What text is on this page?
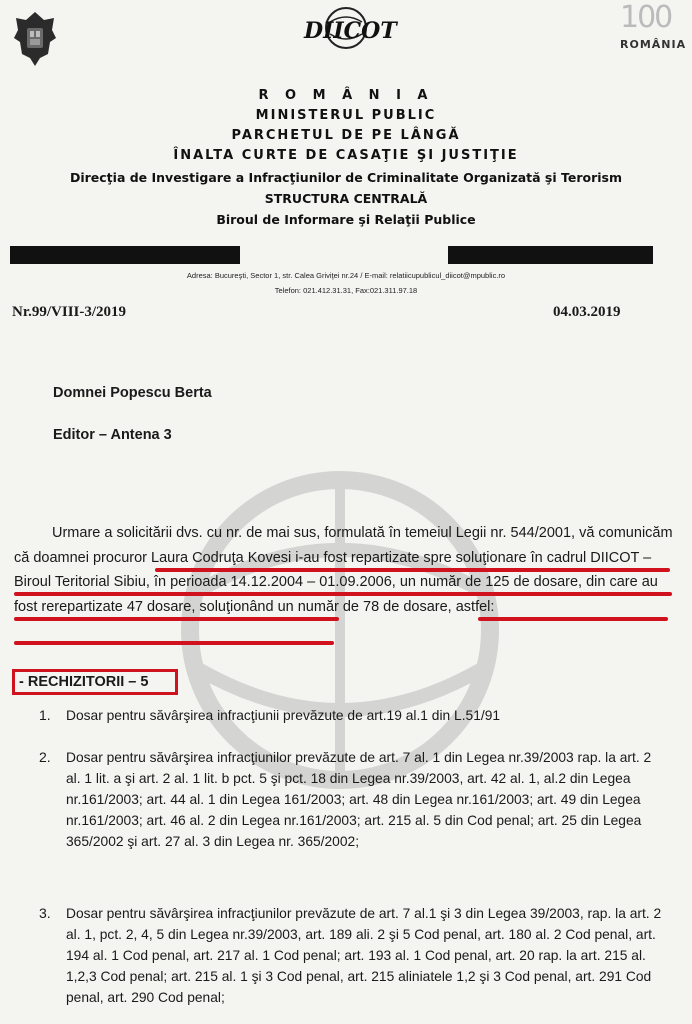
DIICOT	100
ROMÂNIA
R O M Â N I A
MINISTERUL PUBLIC
PARCHETUL DE PE LÂNGĂ
ÎNALTA CURTE DE CASAŢIE ŞI JUSTIŢIE
Direcţia de Investigare a Infracţiunilor de Criminalitate Organizată şi Terorism
STRUCTURA CENTRALĂ
Biroul de Informare şi Relaţii Publice
Adresa: Bucureşti, Sector 1, str. Calea Griviţei nr.24 / E-mail: relatiicupublicul_diicot@mpublic.ro
Telefon: 021.412.31.31, Fax:021.311.97.18
Nr.99/VIII-3/2019	04.03.2019
Domnei Popescu Berta
Editor – Antena 3
Urmare a solicitării dvs. cu nr. de mai sus, formulată în temeiul Legii nr. 544/2001, vă comunicăm că doamnei procuror Laura Codruţa Kovesi i-au fost repartizate spre soluţionare în cadrul DIICOT – Biroul Teritorial Sibiu, în perioada 14.12.2004 – 01.09.2006, un număr de 125 de dosare, din care au fost rerepartizate 47 dosare, soluţionând un număr de 78 de dosare, astfel:
- RECHIZITORII – 5
1. Dosar pentru săvârşirea infracţiunii prevăzute de art.19 al.1 din L.51/91
2. Dosar pentru săvârşirea infracţiunilor prevăzute de art. 7 al. 1 din Legea nr.39/2003 rap. la art. 2 al. 1 lit. a şi art. 2 al. 1 lit. b pct. 5 şi pct. 18 din Legea nr.39/2003, art. 42 al. 1, al.2 din Legea nr.161/2003; art. 44 al. 1 din Legea 161/2003; art. 48 din Legea nr.161/2003; art. 49 din Legea nr.161/2003; art. 46 al. 2 din Legea nr.161/2003; art. 215 al. 5 din Cod penal; art. 25 din Legea 365/2002 şi art. 27 al. 3 din Legea nr. 365/2002;
3. Dosar pentru săvârşirea infracţiunilor prevăzute de art. 7 al.1 şi 3 din Legea 39/2003, rap. la art. 2 al. 1, pct. 2, 4, 5 din Legea nr.39/2003, art. 189 ali. 2 şi 5 Cod penal, art. 180 al. 2 Cod penal, art. 194 al. 1 Cod penal, art. 217 al. 1 Cod penal; art. 193 al. 1 Cod penal, art. 20 rap. la art. 215 al. 1,2,3 Cod penal; art. 215 al. 1 şi 3 Cod penal, art. 215 aliniatele 1,2 şi 3 Cod penal, art. 291 Cod penal, art. 290 Cod penal;
